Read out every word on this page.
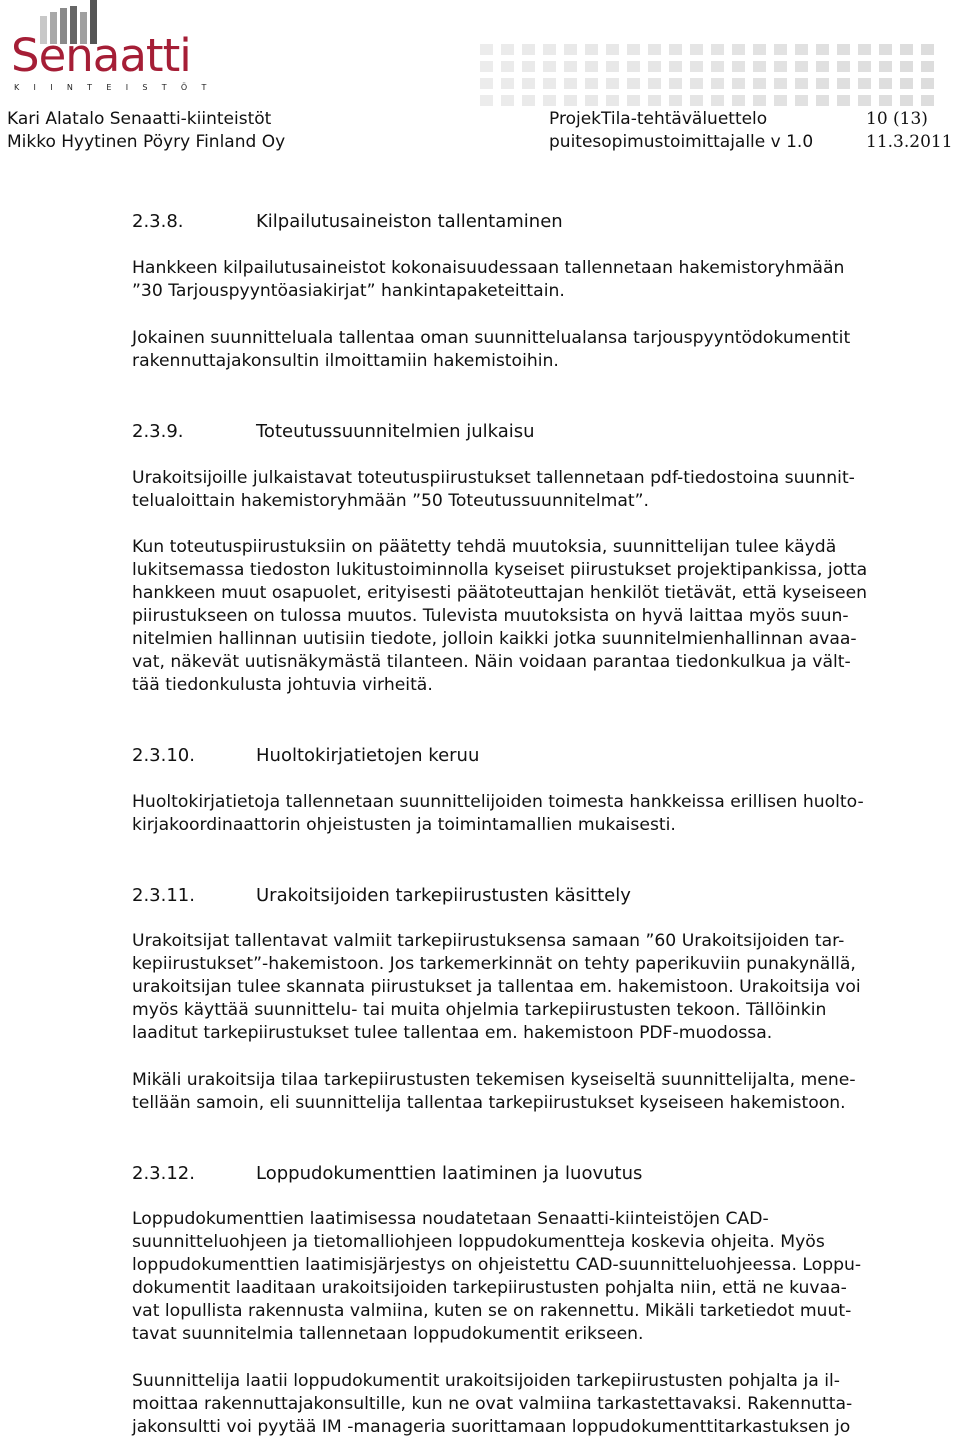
Senaatti
KIINTEISTÖT
Kari Alatalo Senaatti-kiinteistöt
Mikko Hyytinen Pöyry Finland Oy
ProjekTila-tehtäväluettelo
puitesopimustoimittajalle v 1.0
10 (13)
11.3.2011
2.3.8.	Kilpailutusaineiston tallentaminen
Hankkeen kilpailutusaineistot kokonaisuudessaan tallennetaan hakemistoryhmään
”30 Tarjouspyyntöasiakirjat” hankintapaketeittain.
Jokainen suunnitteluala tallentaa oman suunnittelualansa tarjouspyyntödokumentit
rakennuttajakonsultin ilmoittamiin hakemistoihin.
2.3.9.	Toteutussuunnitelmien julkaisu
Urakoitsijoille julkaistavat toteutuspiirustukset tallennetaan pdf-tiedostoina suunnit-
telualoittain hakemistoryhmään ”50 Toteutussuunnitelmat”.
Kun toteutuspiirustuksiin on päätetty tehdä muutoksia, suunnittelijan tulee käydä
lukitsemassa tiedoston lukitustoiminnolla kyseiset piirustukset projektipankissa, jotta
hankkeen muut osapuolet, erityisesti päätoteuttajan henkilöt tietävät, että kyseiseen
piirustukseen on tulossa muutos. Tulevista muutoksista on hyvä laittaa myös suun-
nitelmien hallinnan uutisiin tiedote, jolloin kaikki jotka suunnitelmienhallinnan avaa-
vat, näkevät uutisnäkymästä tilanteen. Näin voidaan parantaa tiedonkulkua ja vält-
tää tiedonkulusta johtuvia virheitä.
2.3.10.	Huoltokirjatietojen keruu
Huoltokirjatietoja tallennetaan suunnittelijoiden toimesta hankkeissa erillisen huolto-
kirjakoordinaattorin ohjeistusten ja toimintamallien mukaisesti.
2.3.11.	Urakoitsijoiden tarkepiirustusten käsittely
Urakoitsijat tallentavat valmiit tarkepiirustuksensa samaan ”60 Urakoitsijoiden tar-
kepiirustukset”-hakemistoon. Jos tarkemerkinnät on tehty paperikuviin punakynällä,
urakoitsijan tulee skannata piirustukset ja tallentaa em. hakemistoon. Urakoitsija voi
myös käyttää suunnittelu- tai muita ohjelmia tarkepiirustusten tekoon. Tällöinkin
laaditut tarkepiirustukset tulee tallentaa em. hakemistoon PDF-muodossa.
Mikäli urakoitsija tilaa tarkepiirustusten tekemisen kyseiseltä suunnittelijalta, mene-
tellään samoin, eli suunnittelija tallentaa tarkepiirustukset kyseiseen hakemistoon.
2.3.12.	Loppudokumenttien laatiminen ja luovutus
Loppudokumenttien laatimisessa noudatetaan Senaatti-kiinteistöjen CAD-
suunnitteluohjeen ja tietomalliohjeen loppudokumentteja koskevia ohjeita. Myös
loppudokumenttien laatimisjärjestys on ohjeistettu CAD-suunnitteluohjeessa. Loppu-
dokumentit laaditaan urakoitsijoiden tarkepiirustusten pohjalta niin, että ne kuvaa-
vat lopullista rakennusta valmiina, kuten se on rakennettu. Mikäli tarketiedot muut-
tavat suunnitelmia tallennetaan loppudokumentit erikseen.
Suunnittelija laatii loppudokumentit urakoitsijoiden tarkepiirustusten pohjalta ja il-
moittaa rakennuttajakonsultille, kun ne ovat valmiina tarkastettavaksi. Rakennutta-
jakonsultti voi pyytää IM -manageria suorittamaan loppudokumenttitarkastuksen jo
